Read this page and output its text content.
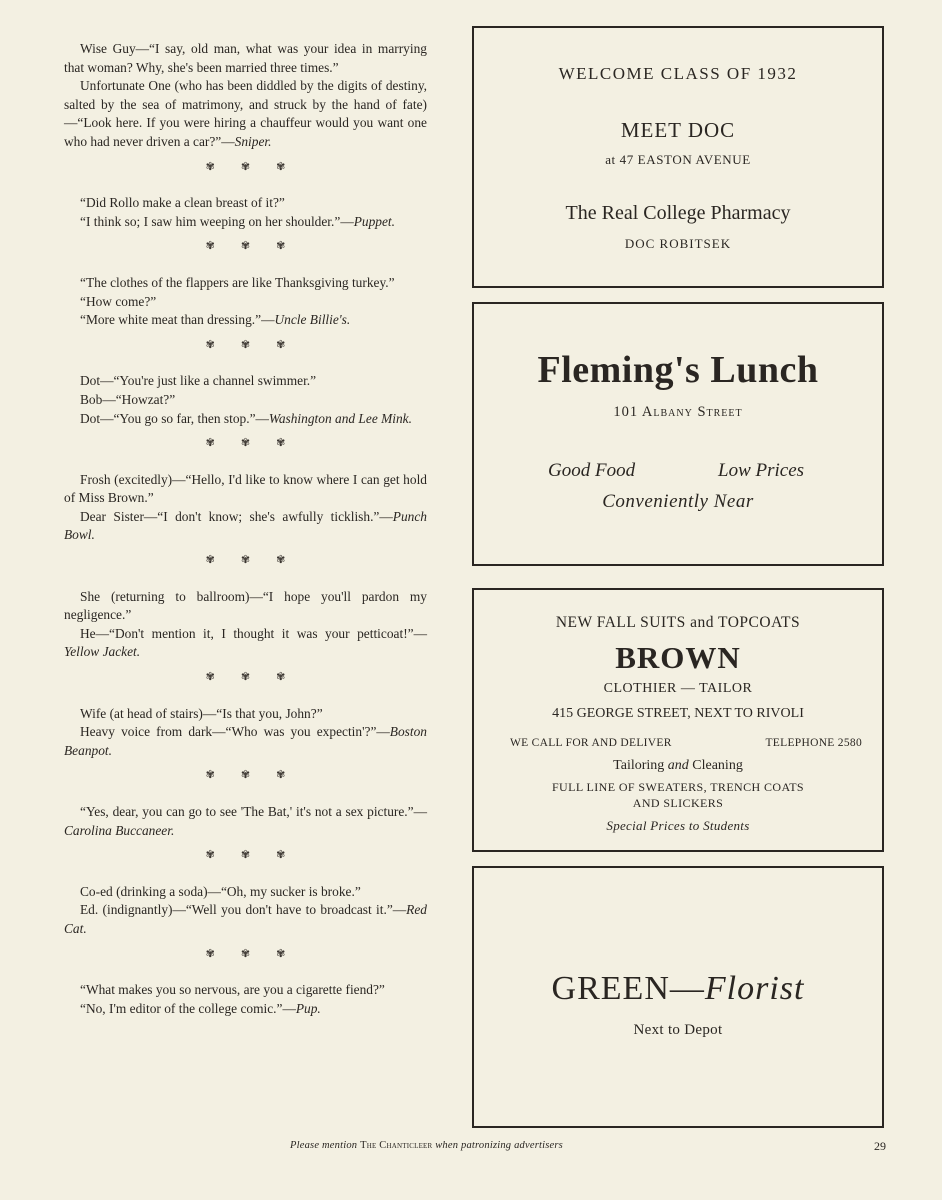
Wise Guy—“I say, old man, what was your idea in marrying that woman? Why, she's been married three times.”

Unfortunate One (who has been diddled by the digits of destiny, salted by the sea of matrimony, and struck by the hand of fate)—“Look here. If you were hiring a chauffeur would you want one who had never driven a car?”—Sniper.

✾✾✾

“Did Rollo make a clean breast of it?”

“I think so; I saw him weeping on her shoulder.”—Puppet.

✾✾✾

“The clothes of the flappers are like Thanksgiving turkey.”

“How come?”

“More white meat than dressing.”—Uncle Billie's.

✾✾✾

Dot—“You're just like a channel swimmer.”

Bob—“Howzat?”

Dot—“You go so far, then stop.”—Washington and Lee Mink.

✾✾✾

Frosh (excitedly)—“Hello, I'd like to know where I can get hold of Miss Brown.”

Dear Sister—“I don't know; she's awfully ticklish.”—Punch Bowl.

✾✾✾

She (returning to ballroom)—“I hope you'll pardon my negligence.”

He—“Don't mention it, I thought it was your petticoat!”—Yellow Jacket.

✾✾✾

Wife (at head of stairs)—“Is that you, John?”

Heavy voice from dark—“Who was you expectin'?”—Boston Beanpot.

✾✾✾

“Yes, dear, you can go to see 'The Bat,' it's not a sex picture.”—Carolina Buccaneer.

✾✾✾

Co-ed (drinking a soda)—“Oh, my sucker is broke.”

Ed. (indignantly)—“Well you don't have to broadcast it.”—Red Cat.

✾✾✾

“What makes you so nervous, are you a cigarette fiend?”

“No, I'm editor of the college comic.”—Pup.

WELCOME CLASS OF 1932
MEET DOC
at 47 EASTON AVENUE
The Real College Pharmacy
DOC ROBITSEK
Fleming's Lunch
101 Albany Street
Good Food	Low Prices
Conveniently Near
NEW FALL SUITS and TOPCOATS
BROWN
CLOTHIER — TAILOR
415 GEORGE STREET, NEXT TO RIVOLI
WE CALL FOR AND DELIVER	TELEPHONE 2580
Tailoring and Cleaning
FULL LINE OF SWEATERS, TRENCH COATS
AND SLICKERS
Special Prices to Students
GREEN—Florist
Next to Depot
Please mention The Chanticleer when patronizing advertisers	29
